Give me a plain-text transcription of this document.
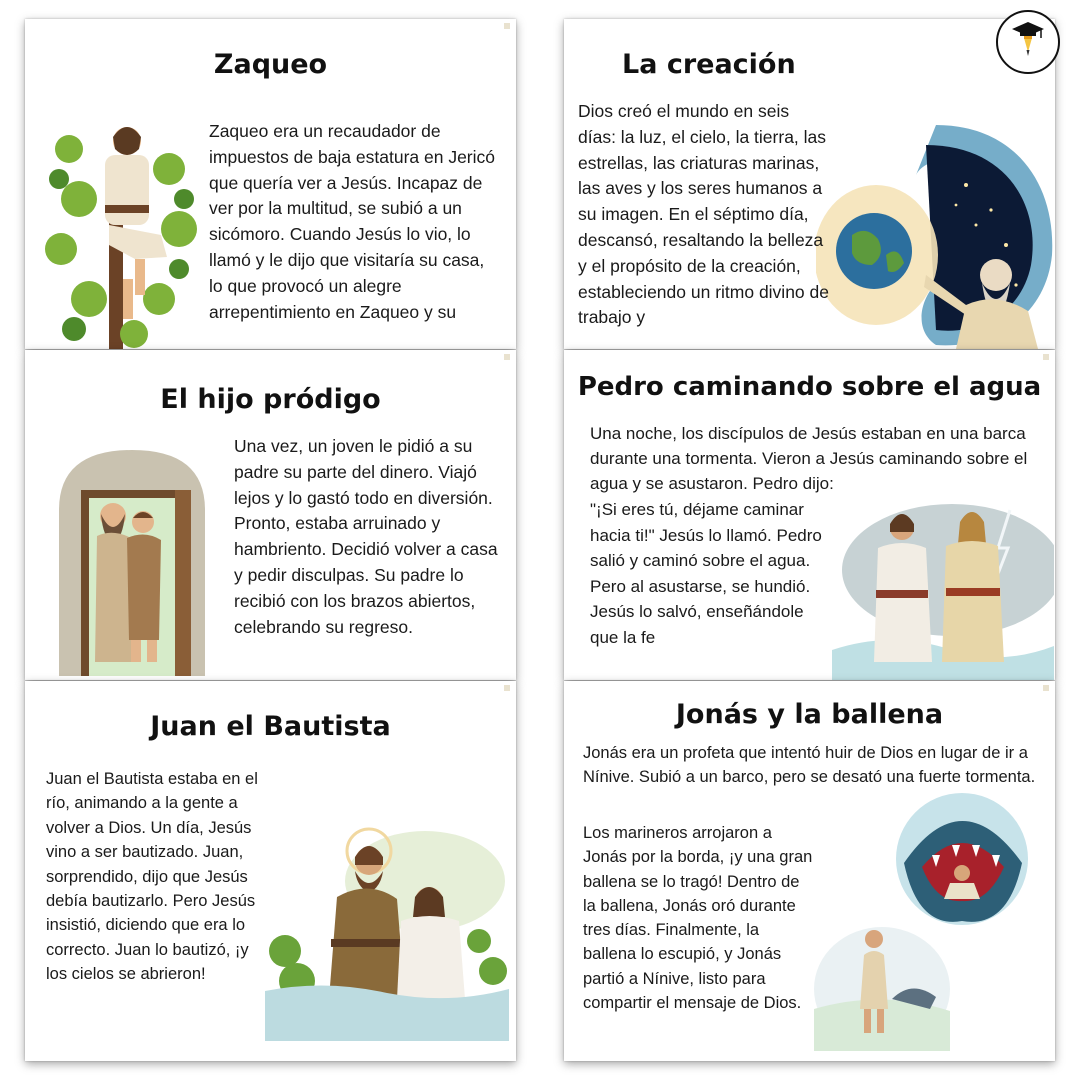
Zaqueo

Zaqueo era un recaudador de impuestos de baja estatura en Jericó que quería ver a Jesús. Incapaz de ver por la multitud, se subió a un sicómoro. Cuando Jesús lo vio, lo llamó y le dijo que visitaría su casa, lo que provocó un alegre arrepentimiento en Zaqueo y su

La creación

Dios creó el mundo en seis días: la luz, el cielo, la tierra, las estrellas, las criaturas marinas, las aves y los seres humanos a su imagen. En el séptimo día, descansó, resaltando la belleza y el propósito de la creación, estableciendo un ritmo divino de trabajo y

El hijo pródigo

Una vez, un joven le pidió a su padre su parte del dinero. Viajó lejos y lo gastó todo en diversión. Pronto, estaba arruinado y hambriento. Decidió volver a casa y pedir disculpas. Su padre lo recibió con los brazos abiertos, celebrando su regreso.

Pedro caminando sobre el agua

Una noche, los discípulos de Jesús estaban en una barca durante una tormenta. Vieron a Jesús caminando sobre el agua y se asustaron. Pedro dijo:

"¡Si eres tú, déjame caminar hacia ti!" Jesús lo llamó. Pedro salió y caminó sobre el agua. Pero al asustarse, se hundió. Jesús lo salvó, enseñándole que la fe

Juan el Bautista

Juan el Bautista estaba en el río, animando a la gente a volver a Dios. Un día, Jesús vino a ser bautizado. Juan, sorprendido, dijo que Jesús debía bautizarlo. Pero Jesús insistió, diciendo que era lo correcto. Juan lo bautizó, ¡y los cielos se abrieron!

Jonás y la ballena

Jonás era un profeta que intentó huir de Dios en lugar de ir a Nínive. Subió a un barco, pero se desató una fuerte tormenta.

Los marineros arrojaron a Jonás por la borda, ¡y una gran ballena se lo tragó! Dentro de la ballena, Jonás oró durante tres días. Finalmente, la ballena lo escupió, y Jonás partió a Nínive, listo para compartir el mensaje de Dios.
